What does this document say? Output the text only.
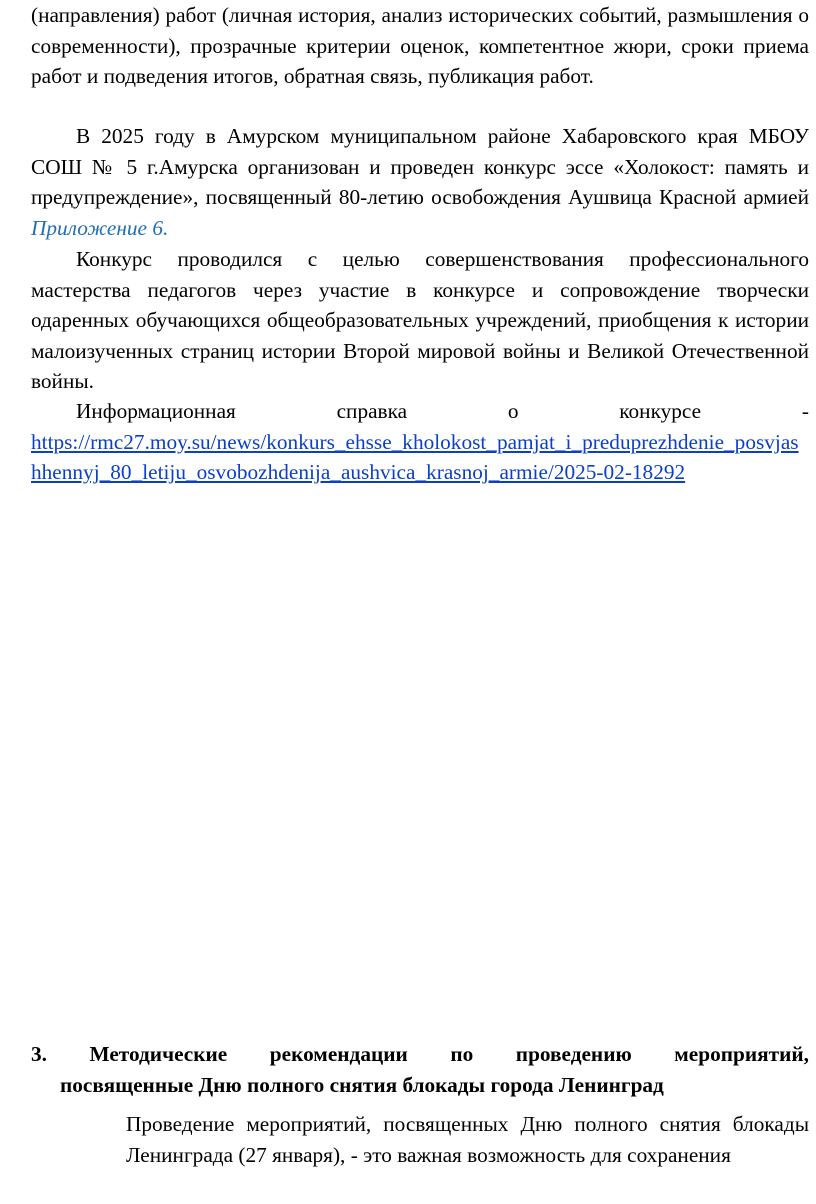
(направления) работ (личная история, анализ исторических событий, размышления о современности), прозрачные критерии оценок, компетентное жюри, сроки приема работ и подведения итогов, обратная связь, публикация работ.

В 2025 году в Амурском муниципальном районе Хабаровского края МБОУ СОШ № 5 г.Амурска организован и проведен конкурс эссе «Холокост: память и предупреждение», посвященный 80-летию освобождения Аушвица Красной армией Приложение 6.

Конкурс проводился с целью совершенствования профессионального мастерства педагогов через участие в конкурсе и сопровождение творчески одаренных обучающихся общеобразовательных учреждений, приобщения к истории малоизученных страниц истории Второй мировой войны и Великой Отечественной войны.

Информационная	справка	о	конкурсе	-
https://rmc27.moy.su/news/konkurs_ehsse_kholokost_pamjat_i_preduprezhdenie_posvjashhennyj_80_letiju_osvobozhdenija_aushvica_krasnoj_armie/2025-02-18292
3. Методические рекомендации по проведению мероприятий,
посвященные Дню полного снятия блокады города Ленинград

Проведение мероприятий, посвященных Дню полного снятия блокады Ленинграда (27 января), - это важная возможность для сохранения
